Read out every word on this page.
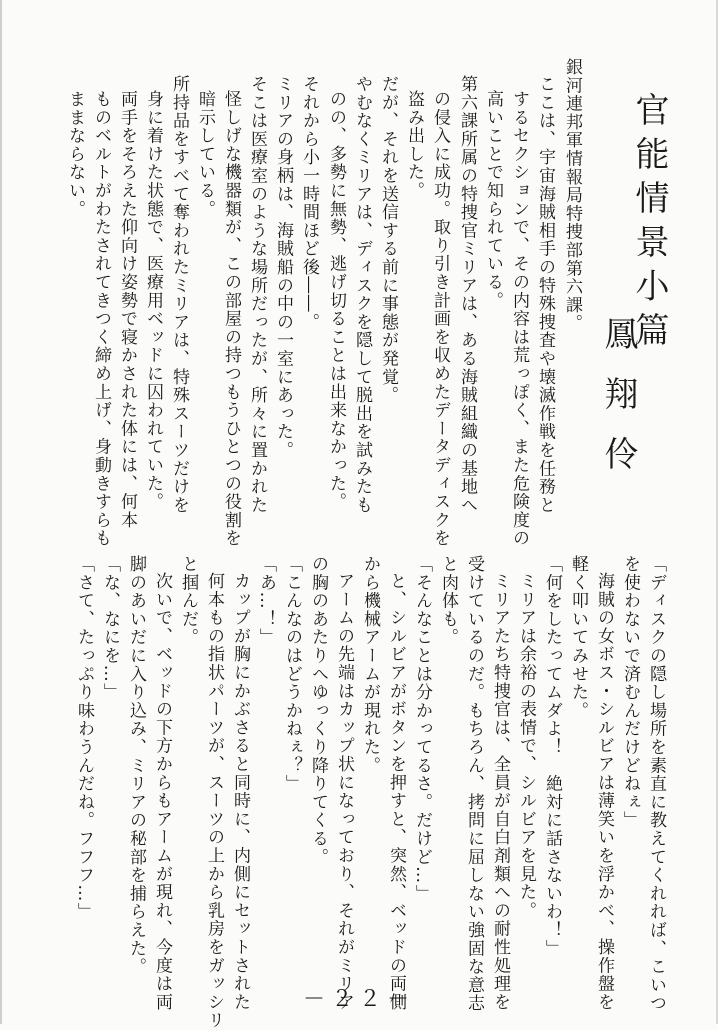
官能情景小篇
鳳翔伶
銀河連邦軍情報局特捜部第六課。
ここは、宇宙海賊相手の特殊捜査や壊滅作戦を任務と
するセクションで、その内容は荒っぽく、また危険度の
高いことで知られている。
第六課所属の特捜官ミリアは、ある海賊組織の基地へ
の侵入に成功。取り引き計画を収めたデータディスクを
盗み出した。
だが、それを送信する前に事態が発覚。
やむなくミリアは、ディスクを隠して脱出を試みたも
のの、多勢に無勢、逃げ切ることは出来なかった。
それから小一時間ほど後――。
ミリアの身柄は、海賊船の中の一室にあった。
そこは医療室のような場所だったが、所々に置かれた
怪しげな機器類が、この部屋の持つもうひとつの役割を
暗示している。
所持品をすべて奪われたミリアは、特殊スーツだけを
身に着けた状態で、医療用ベッドに囚われていた。
両手をそろえた仰向け姿勢で寝かされた体には、何本
ものベルトがわたされてきつく締め上げ、身動きすらも
ままならない。
「ディスクの隠し場所を素直に教えてくれれば、こいつ
を使わないで済むんだけどねぇ」
海賊の女ボス・シルビアは薄笑いを浮かべ、操作盤を
軽く叩いてみせた。
「何をしたってムダよ！　絶対に話さないわ！」
ミリアは余裕の表情で、シルビアを見た。
ミリアたち特捜官は、全員が自白剤類への耐性処理を
受けているのだ。もちろん、拷問に屈しない強固な意志
と肉体も。
「そんなことは分かってるさ。だけど…」
と、シルビアがボタンを押すと、突然、ベッドの両側
から機械アームが現れた。
アームの先端はカップ状になっており、それがミリア
の胸のあたりへゆっくり降りてくる。
「こんなのはどうかねぇ？」
「あ…！」
カップが胸にかぶさると同時に、内側にセットされた
何本もの指状パーツが、スーツの上から乳房をガッシリ
と掴んだ。
次いで、ベッドの下方からもアームが現れ、今度は両
脚のあいだに入り込み、ミリアの秘部を捕らえた。
「な、なにを…」
「さて、たっぷり味わうんだね。フフフ…」
－２２－
